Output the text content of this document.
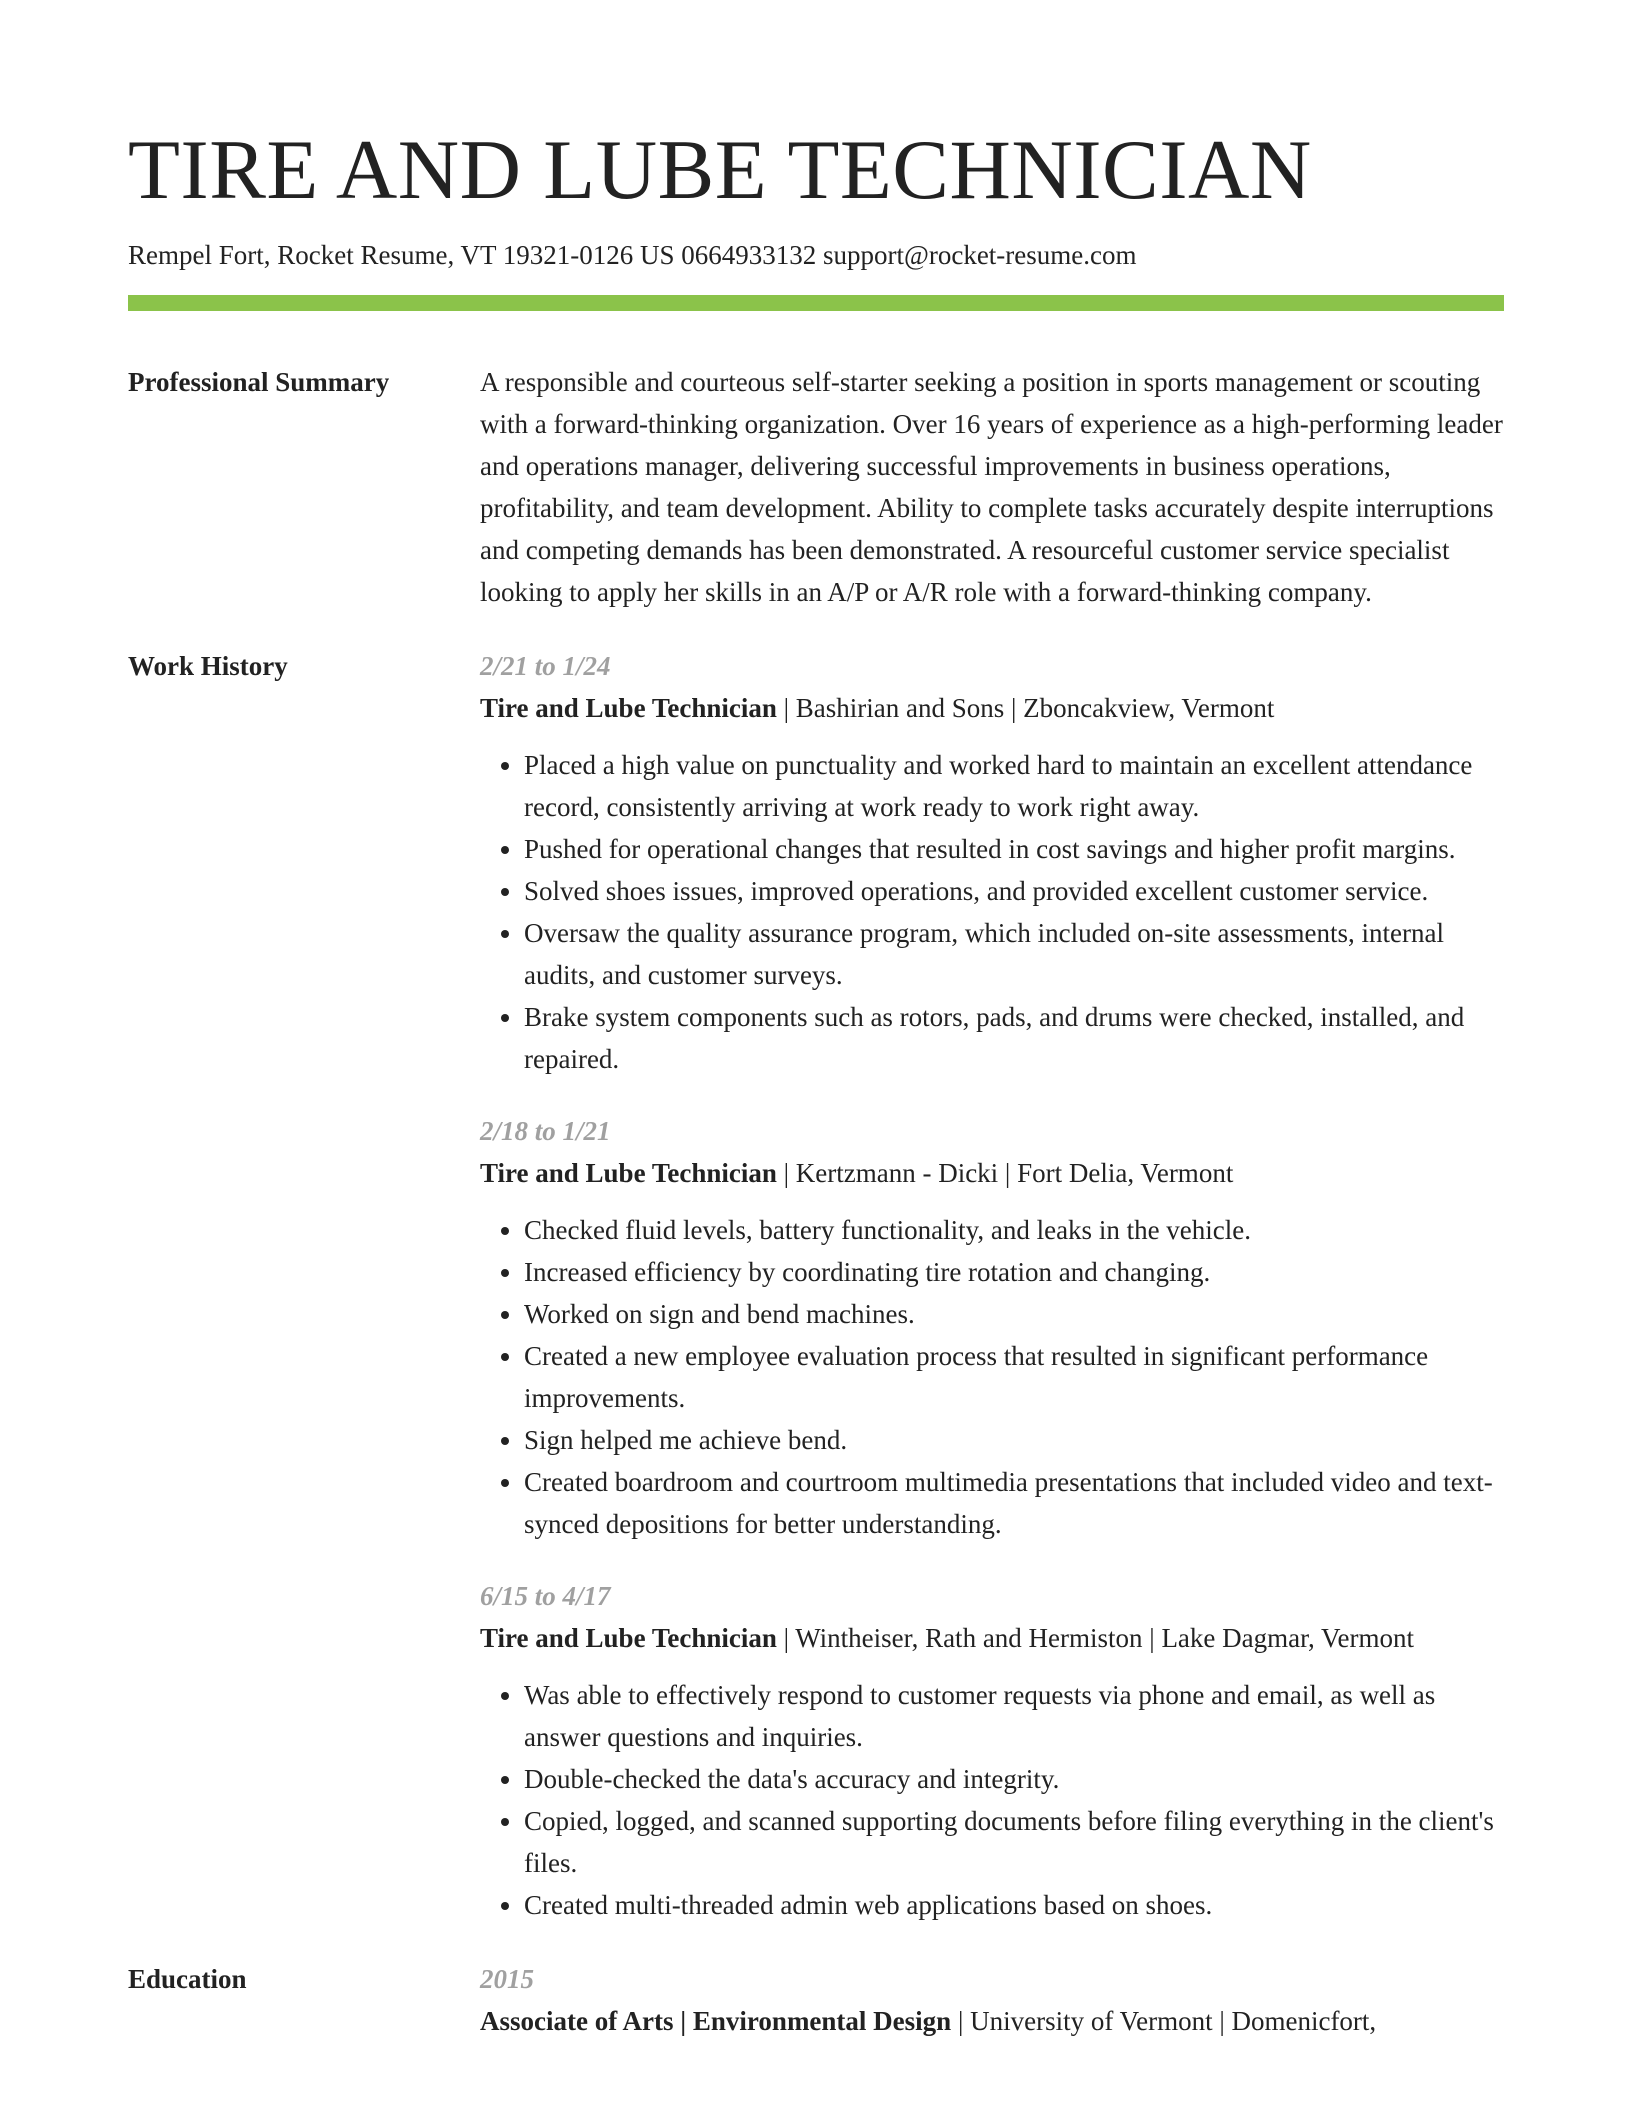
TIRE AND LUBE TECHNICIAN
Rempel Fort, Rocket Resume, VT 19321-0126 US 0664933132 support@rocket-resume.com
Professional Summary	A responsible and courteous self-starter seeking a position in sports management or scouting with a forward-thinking organization. Over 16 years of experience as a high-performing leader and operations manager, delivering successful improvements in business operations, profitability, and team development. Ability to complete tasks accurately despite interruptions and competing demands has been demonstrated. A resourceful customer service specialist looking to apply her skills in an A/P or A/R role with a forward-thinking company.

Work History	2/21 to 1/24

Tire and Lube Technician | Bashirian and Sons | Zboncakview, Vermont

• Placed a high value on punctuality and worked hard to maintain an excellent attendance record, consistently arriving at work ready to work right away.
• Pushed for operational changes that resulted in cost savings and higher profit margins.
• Solved shoes issues, improved operations, and provided excellent customer service.
• Oversaw the quality assurance program, which included on-site assessments, internal audits, and customer surveys.
• Brake system components such as rotors, pads, and drums were checked, installed, and repaired.
2/18 to 1/21

Tire and Lube Technician | Kertzmann - Dicki | Fort Delia, Vermont

• Checked fluid levels, battery functionality, and leaks in the vehicle.
• Increased efficiency by coordinating tire rotation and changing.
• Worked on sign and bend machines.
• Created a new employee evaluation process that resulted in significant performance improvements.
• Sign helped me achieve bend.
• Created boardroom and courtroom multimedia presentations that included video and text-synced depositions for better understanding.
6/15 to 4/17

Tire and Lube Technician | Wintheiser, Rath and Hermiston | Lake Dagmar, Vermont

• Was able to effectively respond to customer requests via phone and email, as well as answer questions and inquiries.
• Double-checked the data's accuracy and integrity.
• Copied, logged, and scanned supporting documents before filing everything in the client's files.
• Created multi-threaded admin web applications based on shoes.
Education	2015
Associate of Arts | Environmental Design | University of Vermont | Domenicfort,
